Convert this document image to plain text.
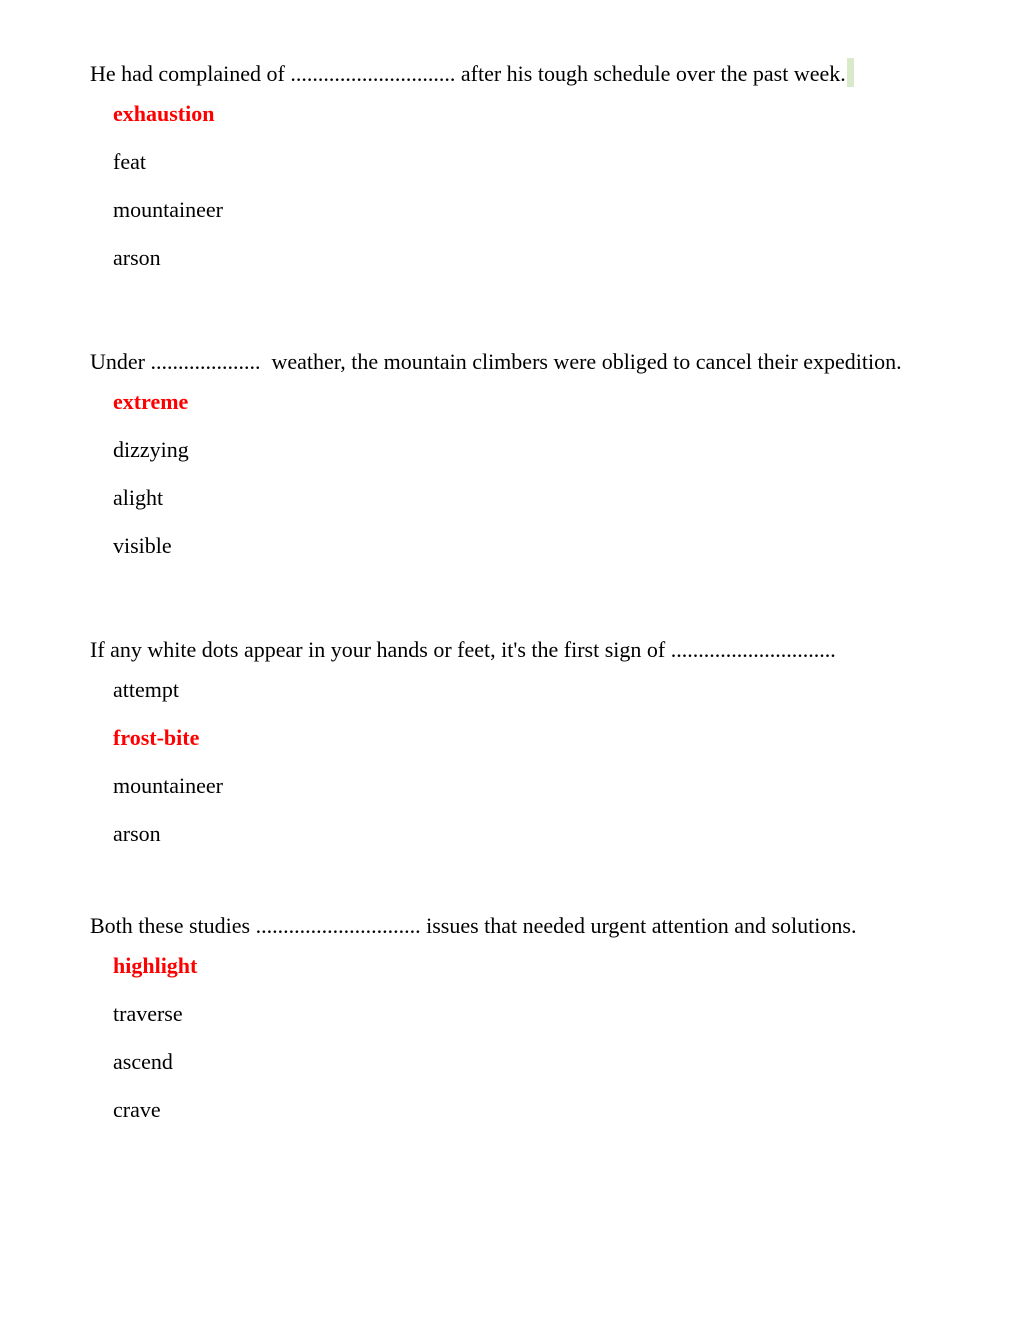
He had complained of .............................. after his tough schedule over the past week.

exhaustion

feat

mountaineer

arson

Under ....................  weather, the mountain climbers were obliged to cancel their expedition.

extreme

dizzying

alight

visible

If any white dots appear in your hands or feet, it's the first sign of ..............................

attempt

frost-bite

mountaineer

arson

Both these studies .............................. issues that needed urgent attention and solutions.

highlight

traverse

ascend

crave
